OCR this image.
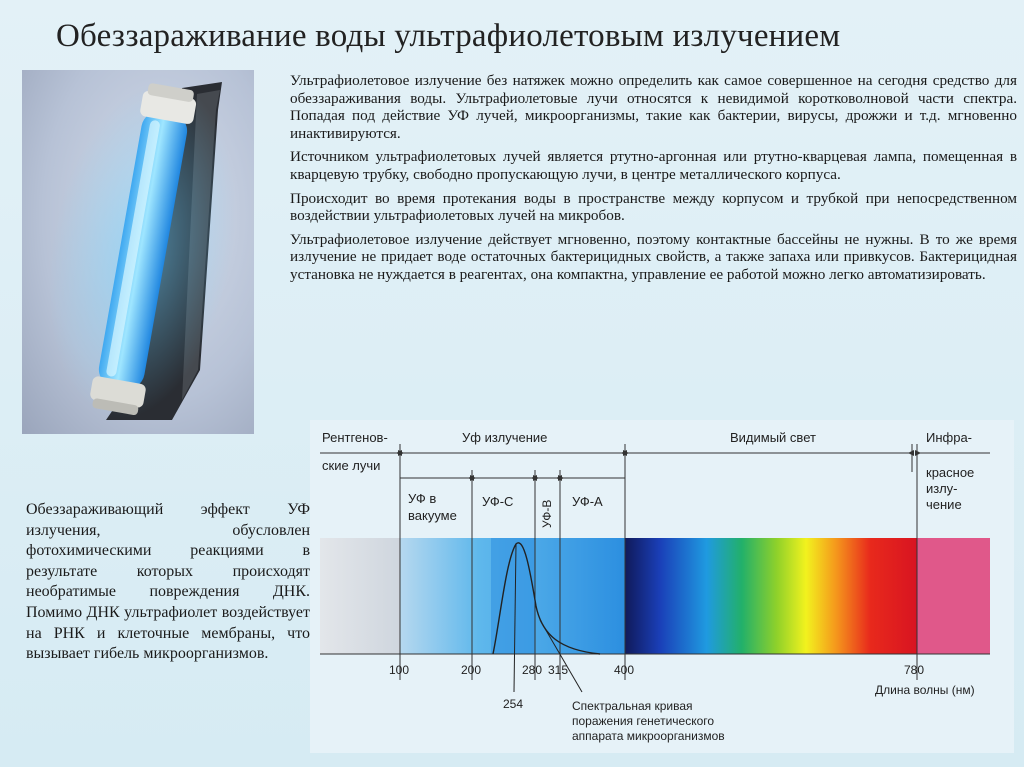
Обеззараживание воды ультрафиолетовым излучением

Ультрафиолетовое излучение без натяжек можно определить как самое совершенное на сегодня средство для обеззараживания воды. Ультрафиолетовые лучи относятся к невидимой коротковолновой части спектра. Попадая под действие УФ лучей, микроорганизмы, такие как бактерии, вирусы, дрожжи и т.д. мгновенно инактивируются.

Источником ультрафиолетовых лучей является ртутно-аргонная или ртутно-кварцевая лампа, помещенная в кварцевую трубку, свободно пропускающую лучи, в центре металлического корпуса.

Происходит во время протекания воды в пространстве между корпусом и трубкой при непосредственном воздействии ультрафиолетовых лучей на микробов.

Ультрафиолетовое излучение действует мгновенно, поэтому контактные бассейны не нужны. В то же время излучение не придает воде остаточных бактерицидных свойств, а также запаха или привкусов. Бактерицидная установка не нуждается в реагентах, она компактна, управление ее работой можно легко автоматизировать.

Обеззараживающий эффект УФ излучения, обусловлен фотохимическими реакциями в результате которых происходят необратимые повреждения ДНК. Помимо ДНК ультрафиолет воздействует на РНК и клеточные мембраны, что вызывает гибель микроорганизмов.
Рентгенов-
ские лучи
Уф излучение	Видимый свет	Инфра-
красное
излу-
чение
УФ в
вакууме
УФ-С УФ-В УФ-А
100	200	280 315	400	780
254
Длина волны (нм)
Спектральная кривая
поражения генетического
аппарата микроорганизмов
